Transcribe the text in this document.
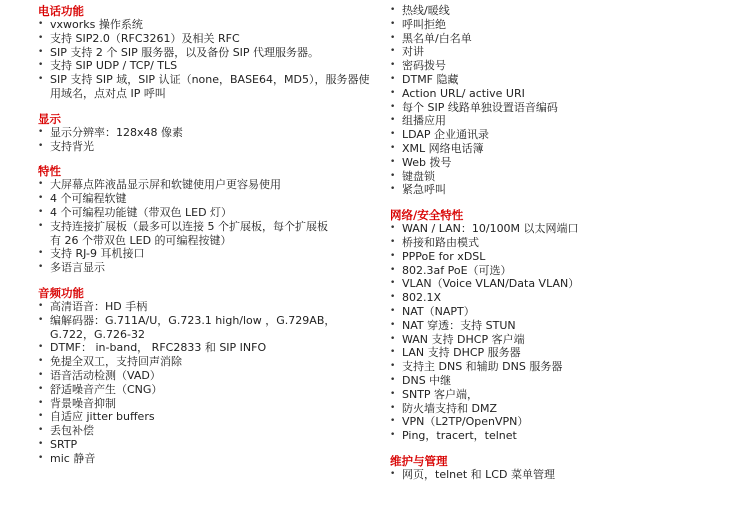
电话功能
• vxworks 操作系统
• 支持 SIP2.0（RFC3261）及相关 RFC
• SIP 支持 2 个 SIP 服务器，以及备份 SIP 代理服务器。
• 支持 SIP UDP / TCP/ TLS
• SIP 支持 SIP 域，SIP 认证（none，BASE64，MD5），服务器使用域名，点对点 IP 呼叫
显示
• 显示分辨率：128x48 像素
• 支持背光
特性
• 大屏幕点阵液晶显示屏和软键使用户更容易使用
• 4 个可编程软键
• 4 个可编程功能键（带双色 LED 灯）
• 支持连接扩展板（最多可以连接 5 个扩展板，每个扩展板
有 26 个带双色 LED 的可编程按键）
• 支持 RJ-9 耳机接口
• 多语言显示
音频功能
• 高清语音：HD 手柄
• 编解码器：G.711A/U，G.723.1 high/low ，G.729AB，G.722，G.726-32
• DTMF： in-band， RFC2833 和 SIP INFO
• 免提全双工，支持回声消除
• 语音活动检测（VAD）
• 舒适噪音产生（CNG）
• 背景噪音抑制
• 自适应 jitter buffers
• 丢包补偿
• SRTP
• mic 静音
• 热线/暖线
• 呼叫拒绝
• 黑名单/白名单
• 对讲
• 密码拨号
• DTMF 隐藏
• Action URL/ active URI
• 每个 SIP 线路单独设置语音编码
• 组播应用
• LDAP 企业通讯录
• XML 网络电话簿
• Web 拨号
• 键盘锁
• 紧急呼叫
网络/安全特性
• WAN / LAN：10/100M 以太网端口
• 桥接和路由模式
• PPPoE for xDSL
• 802.3af PoE（可选）
• VLAN（Voice VLAN/Data VLAN）
• 802.1X
• NAT（NAPT）
• NAT 穿透：支持 STUN
• WAN 支持 DHCP 客户端
• LAN 支持 DHCP 服务器
• 支持主 DNS 和辅助 DNS 服务器
• DNS 中继
• SNTP 客户端，
• 防火墙支持和 DMZ
• VPN（L2TP/OpenVPN）
• Ping，tracert，telnet
维护与管理
• 网页，telnet 和 LCD 菜单管理
